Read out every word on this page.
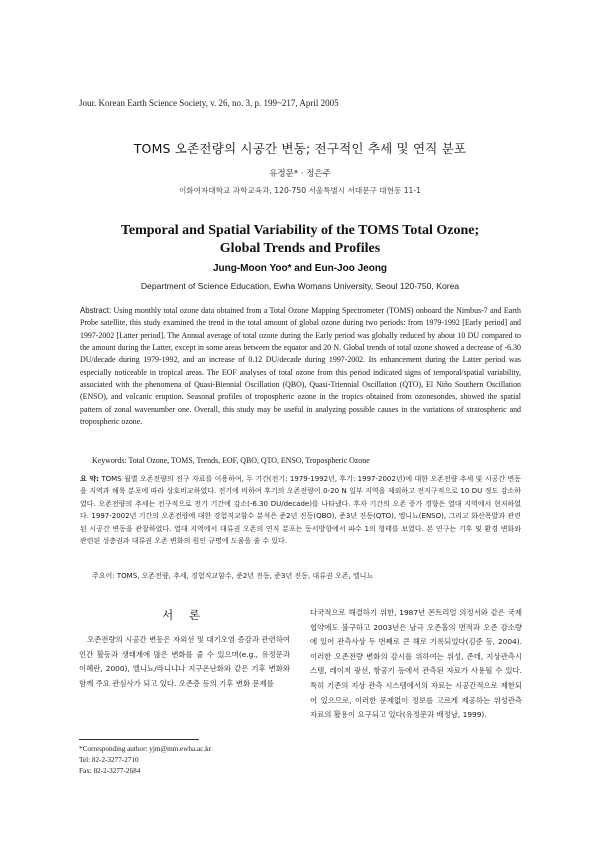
Jour. Korean Earth Science Society, v. 26, no. 3, p. 199~217, April 2005
TOMS 오존전량의 시공간 변동; 전구적인 추세 및 연직 분포
유정문* · 정은주
이화여자대학교 과학교육과, 120-750 서울특별시 서대문구 대현동 11-1
Temporal and Spatial Variability of the TOMS Total Ozone;
Global Trends and Profiles
Jung-Moon Yoo* and Eun-Joo Jeong
Department of Science Education, Ewha Womans University, Seoul 120-750, Korea
Abstract: Using monthly total ozone data obtained from a Total Ozone Mapping Spectrometer (TOMS) onboard the Nimbus-7 and Earth Probe satellite, this study examined the trend in the total amount of global ozone during two periods: from 1979-1992 [Early period] and 1997-2002 [Latter period]. The Annual average of total ozone during the Early period was globally reduced by about 10 DU compared to the amount during the Latter, except in some areas between the equator and 20 N. Global trends of total ozone showed a decrease of -6.30 DU/decade during 1979-1992, and an increase of 0.12 DU/decade during 1997-2002. Its enhancement during the Latter period was especially noticeable in tropical areas. The EOF analyses of total ozone from this period indicated signs of temporal/spatial variability, associated with the phenomena of Quasi-Biennial Oscillation (QBO), Quasi-Triennial Oscillation (QTO), El Niño Southern Oscillation (ENSO), and volcanic eruption. Seasonal profiles of tropospheric ozone in the tropics obtained from ozonesondes, showed the spatial pattern of zonal wavenumber one. Overall, this study may be useful in analyzing possible causes in the variations of stratospheric and tropospheric ozone.
Keywords: Total Ozone, TOMS, Trends, EOF, QBO, QTO, ENSO, Tropospheric Ozone
요 약: TOMS 월별 오존전량의 전구 자료를 이용하여, 두 기간(전기: 1979-1992년, 후기: 1997-2002년)에 대한 오존전량 추세 및 시공간 변동을 지역과 해륙 분포에 따라 상호비교하였다. 전기에 비하여 후기의 오존전량이 0-20 N 일부 지역을 제외하고 전지구적으로 10 DU 정도 감소하였다. 오존전량의 추세는 전구적으로 전기 기간에 감소(-6.30 DU/decade)를 나타냈다. 후자 기간의 오존 증가 경향은 열대 지역에서 현저하였다. 1997-2002년 기간의 오존전량에 대한 경험직교함수 분석은 준2년 진동(QBO), 준3년 진동(QTO), 엘니뇨(ENSO), 그리고 화산폭발과 관련된 시공간 변동을 관찰하였다. 열대 지역에서 대류권 오존의 연직 분포는 동서방향에서 파수 1의 형태를 보였다. 본 연구는 기후 및 환경 변화와 관련된 성층권과 대류권 오존 변화의 원인 규명에 도움을 줄 수 있다.
주요어: TOMS, 오존전량, 추세, 경험직교함수, 준2년 진동, 준3년 진동, 대류권 오존, 엘니뇨
서 론
오존전량의 시공간 변동은 자외선 및 대기오염 증감과 관련하여 인간 활동과 생태계에 많은 변화를 줄 수 있으며(e.g., 유정문과 이혜란, 2000), 엘니뇨/라니냐나 지구온난화와 같은 기후 변화와 함께 주요 관심사가 되고 있다. 오존층 등의 기후 변화 문제를
다국적으로 해결하기 위한, 1987년 몬트리얼 의정서와 같은 국제 협약에도 불구하고 2003년은 남극 오존홀의 면적과 오존 감소량에 있어 관측사상 두 번째로 큰 해로 기록되었다(김준 등, 2004). 이러한 오존전량 변화의 감시를 위하여는 위성, 존데, 지상관측시스템, 레이저 광선, 항공기 등에서 관측된 자료가 사용될 수 있다. 특히 기존의 지상 관측 시스템에서의 자료는 시공간적으로 제한되어 있으므로, 이러한 문제없이 정보를 고르게 제공하는 위성관측 자료의 활용이 요구되고 있다(유정문과 배정남, 1999).
*Corresponding author: yjm@mm.ewha.ac.kr
Tel: 82-2-3277-2710
Fax: 82-2-3277-2684
